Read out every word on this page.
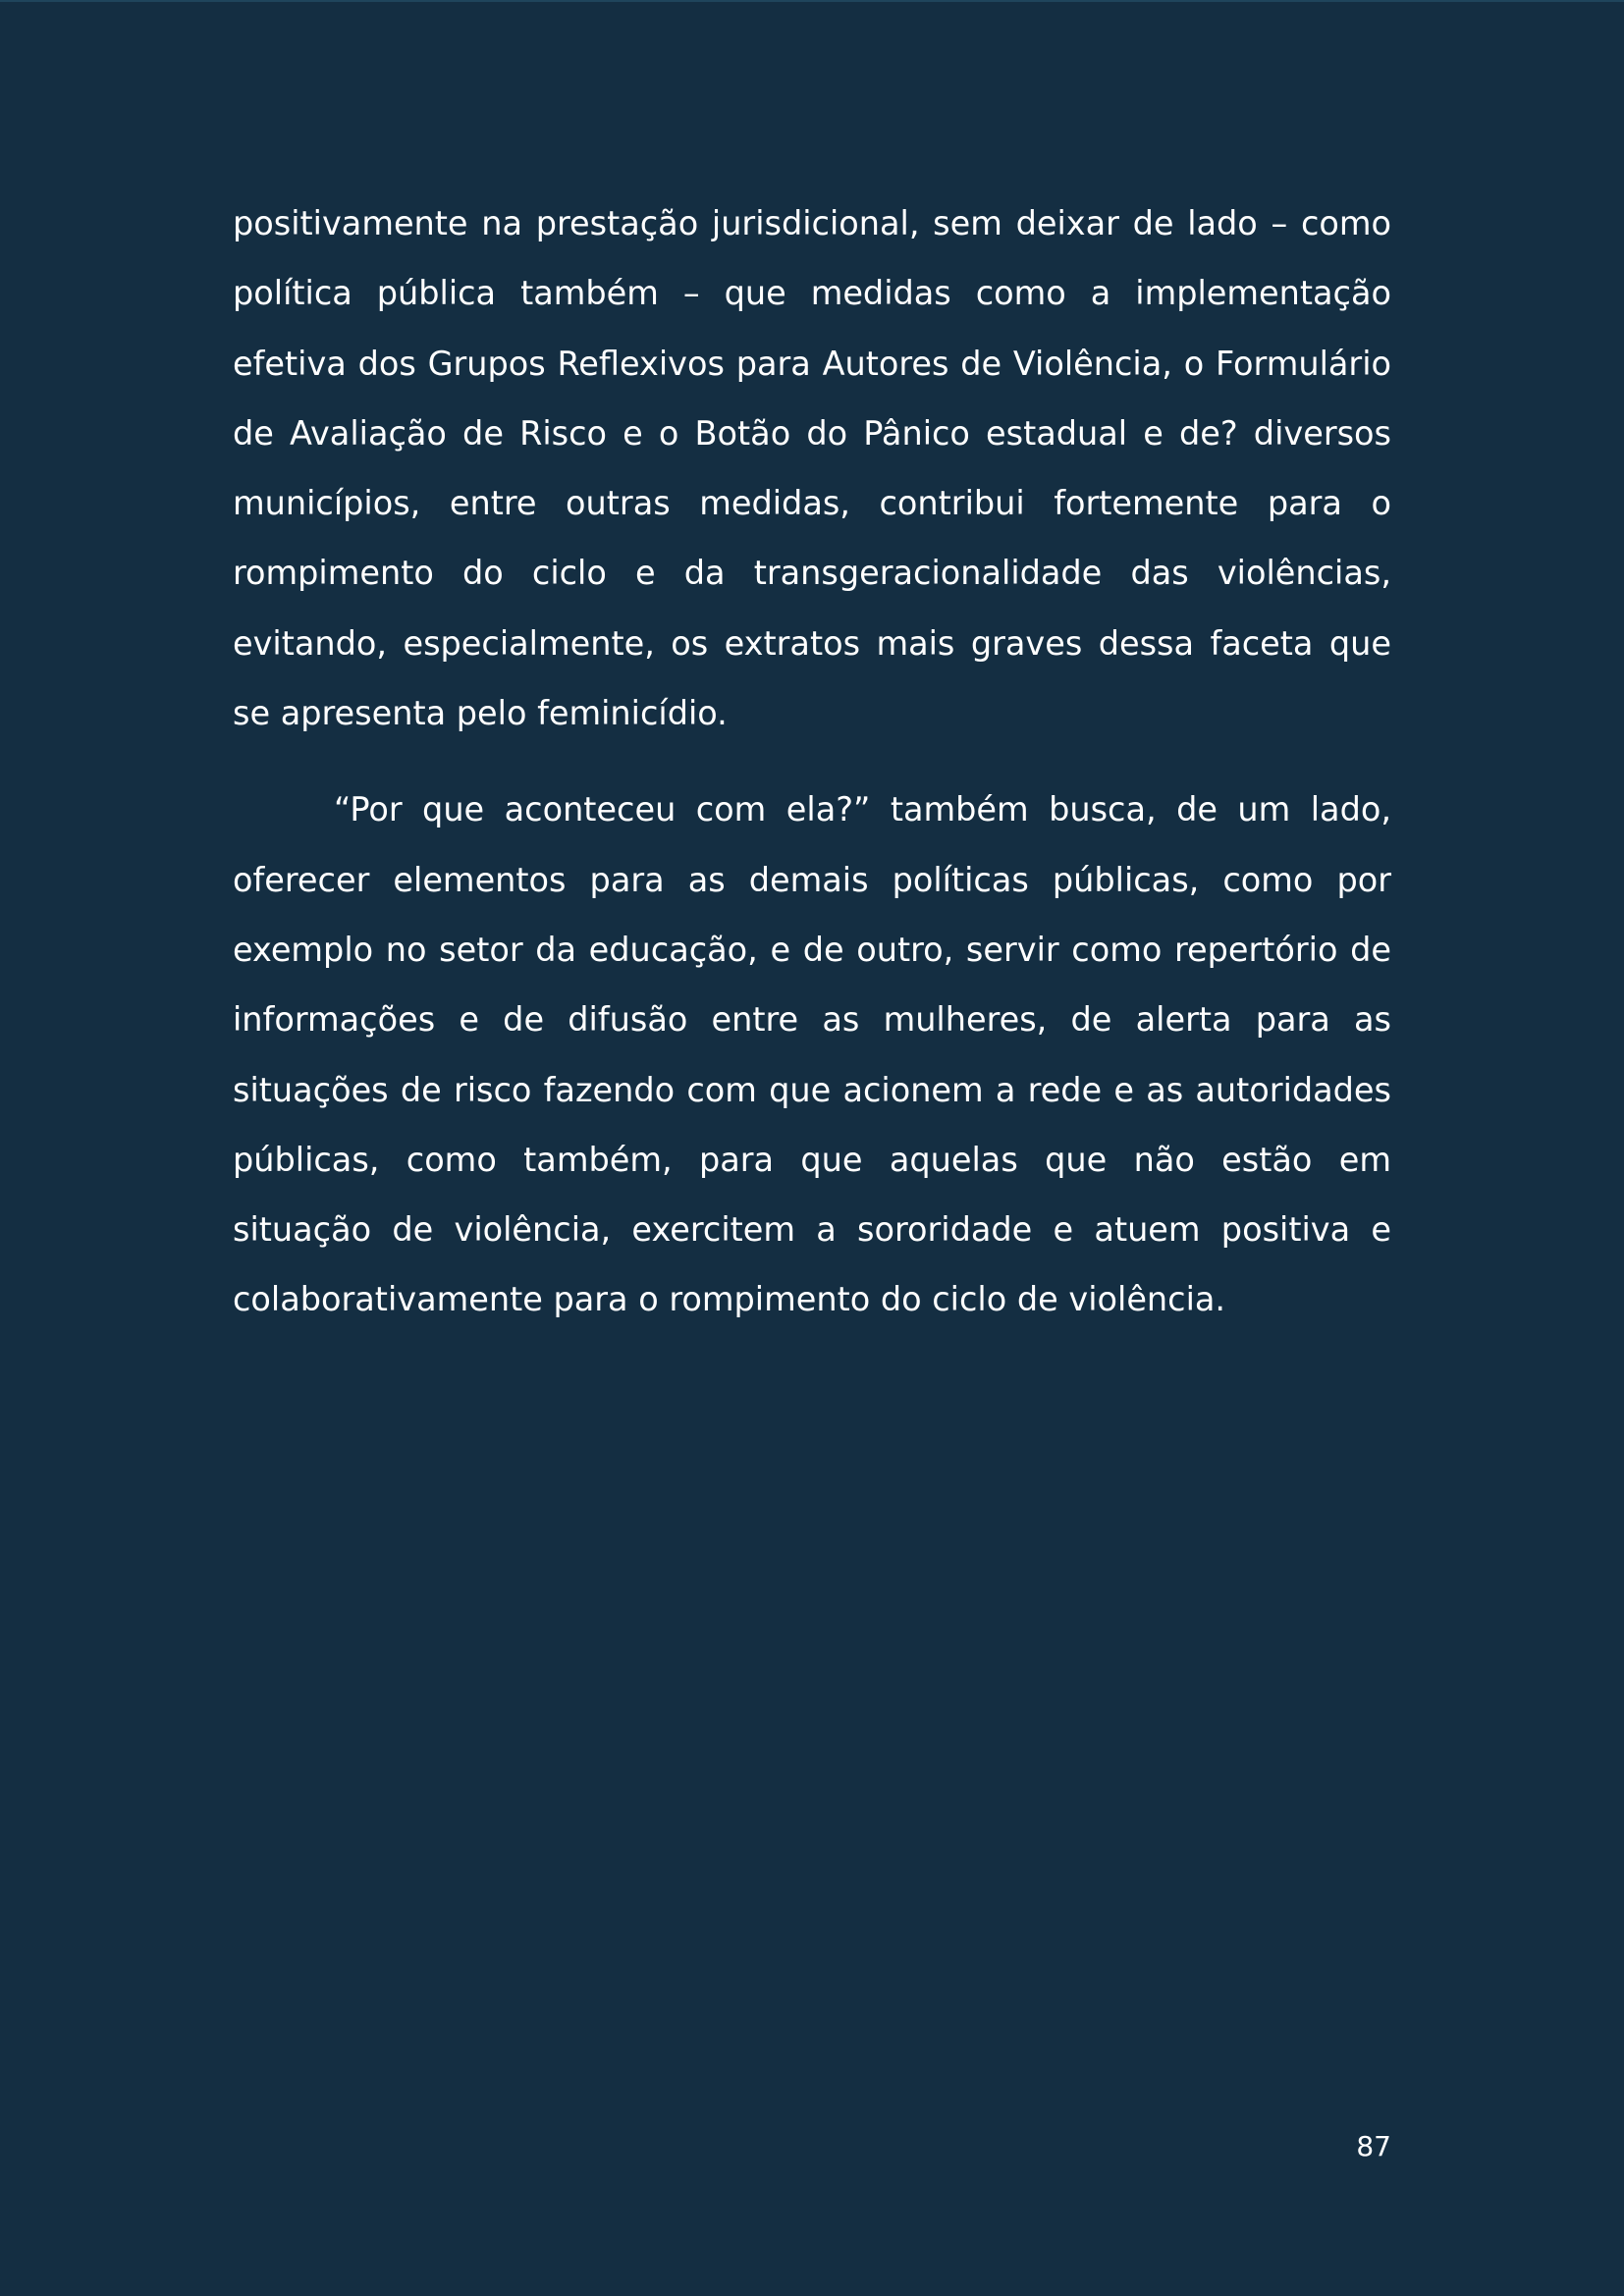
positivamente na prestação jurisdicional, sem deixar de lado – como política pública também – que medidas como a implementação efetiva dos Grupos Reflexivos para Autores de Violência, o Formulário de Avaliação de Risco e o Botão do Pânico estadual e de? diversos municípios, entre outras medidas, contribui fortemente para o rompimento do ciclo e da transgeracionalidade das violências, evitando, especialmente, os extratos mais graves dessa faceta que se apresenta pelo feminicídio.

“Por que aconteceu com ela?” também busca, de um lado, oferecer elementos para as demais políticas públicas, como por exemplo no setor da educação, e de outro, servir como repertório de informações e de difusão entre as mulheres, de alerta para as situações de risco fazendo com que acionem a rede e as autoridades públicas, como também, para que aquelas que não estão em situação de violência, exercitem a sororidade e atuem positiva e colaborativamente para o rompimento do ciclo de violência.

87
